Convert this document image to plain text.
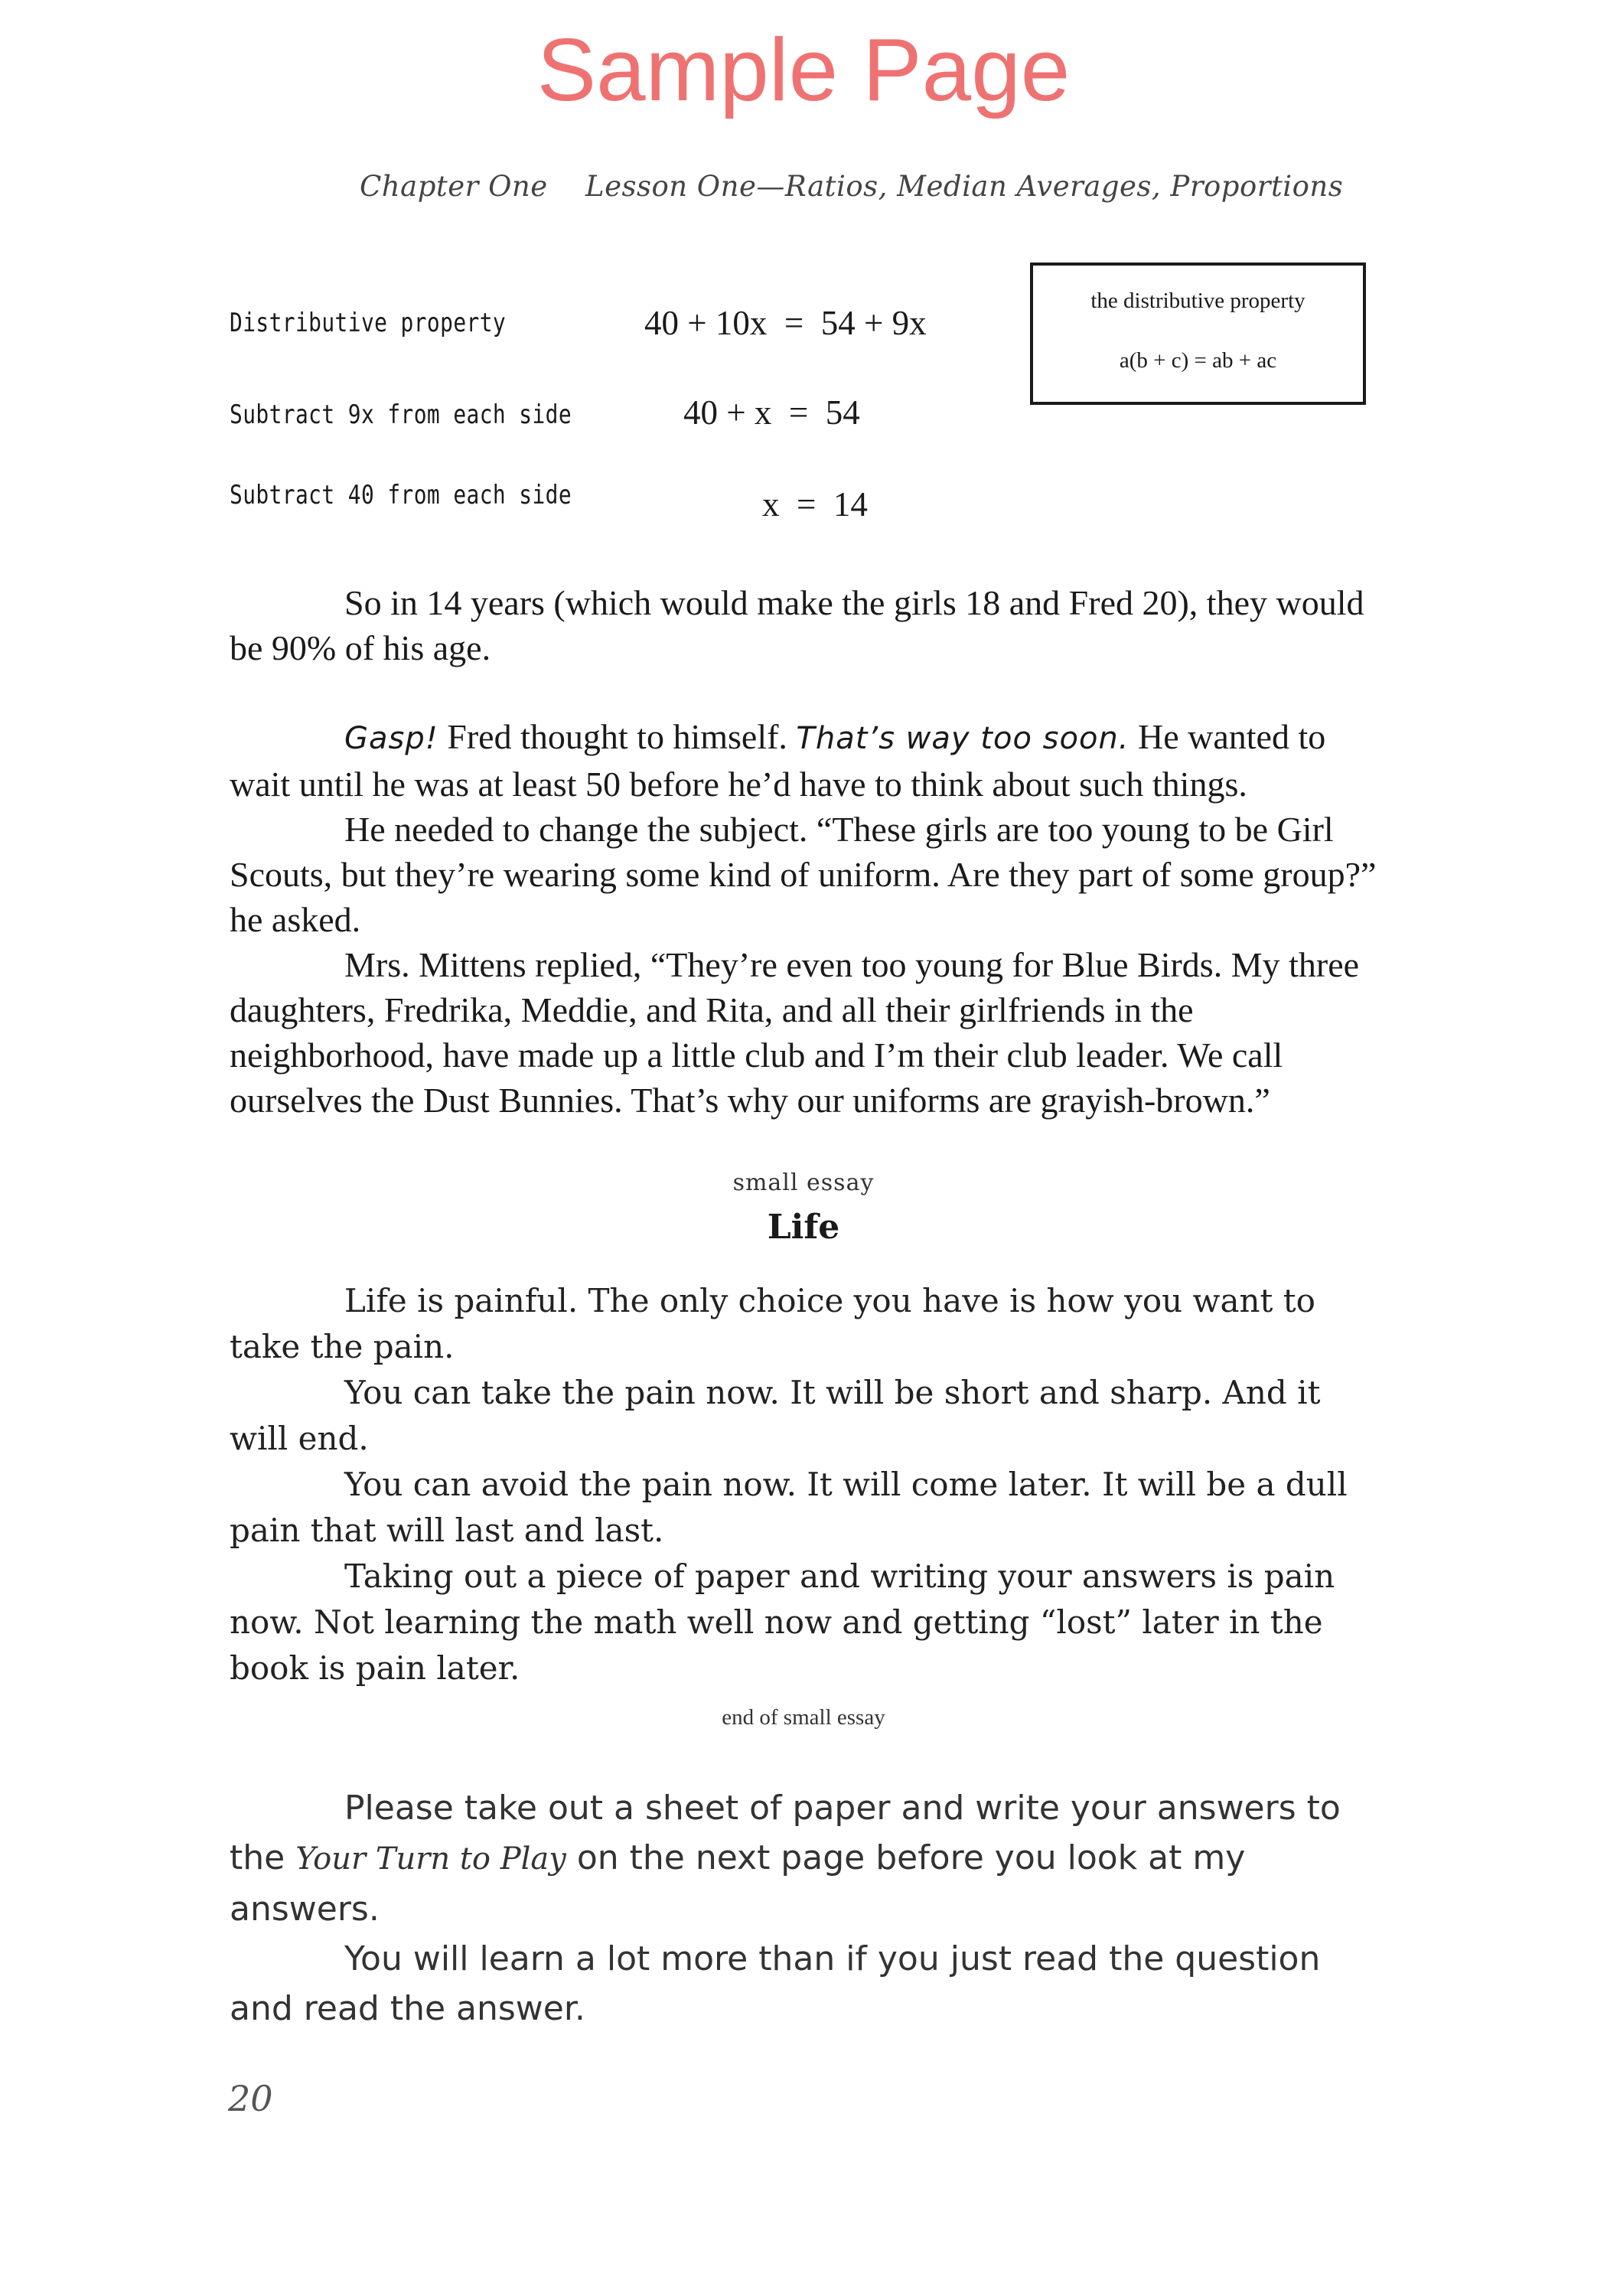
Sample Page
Chapter One Lesson One—Ratios, Median Averages, Proportions
Distributive property	40 + 10x  =  54 + 9x
Subtract 9x from each side	40 + x  =  54
Subtract 40 from each side	x  =  14
the distributive property
a(b + c) = ab + ac

So in 14 years (which would make the girls 18 and Fred 20), they would be 90% of his age.

Gasp! Fred thought to himself. That’s way too soon. He wanted to wait until he was at least 50 before he’d have to think about such things.

He needed to change the subject. “These girls are too young to be Girl Scouts, but they’re wearing some kind of uniform. Are they part of some group?” he asked.

Mrs. Mittens replied, “They’re even too young for Blue Birds. My three daughters, Fredrika, Meddie, and Rita, and all their girlfriends in the neighborhood, have made up a little club and I’m their club leader. We call ourselves the Dust Bunnies. That’s why our uniforms are grayish-brown.”

small essay
Life

Life is painful. The only choice you have is how you want to take the pain.

You can take the pain now. It will be short and sharp. And it will end.

You can avoid the pain now. It will come later. It will be a dull pain that will last and last.

Taking out a piece of paper and writing your answers is pain now. Not learning the math well now and getting “lost” later in the book is pain later.

end of small essay

Please take out a sheet of paper and write your answers to the Your Turn to Play on the next page before you look at my answers.

You will learn a lot more than if you just read the question and read the answer.

20
